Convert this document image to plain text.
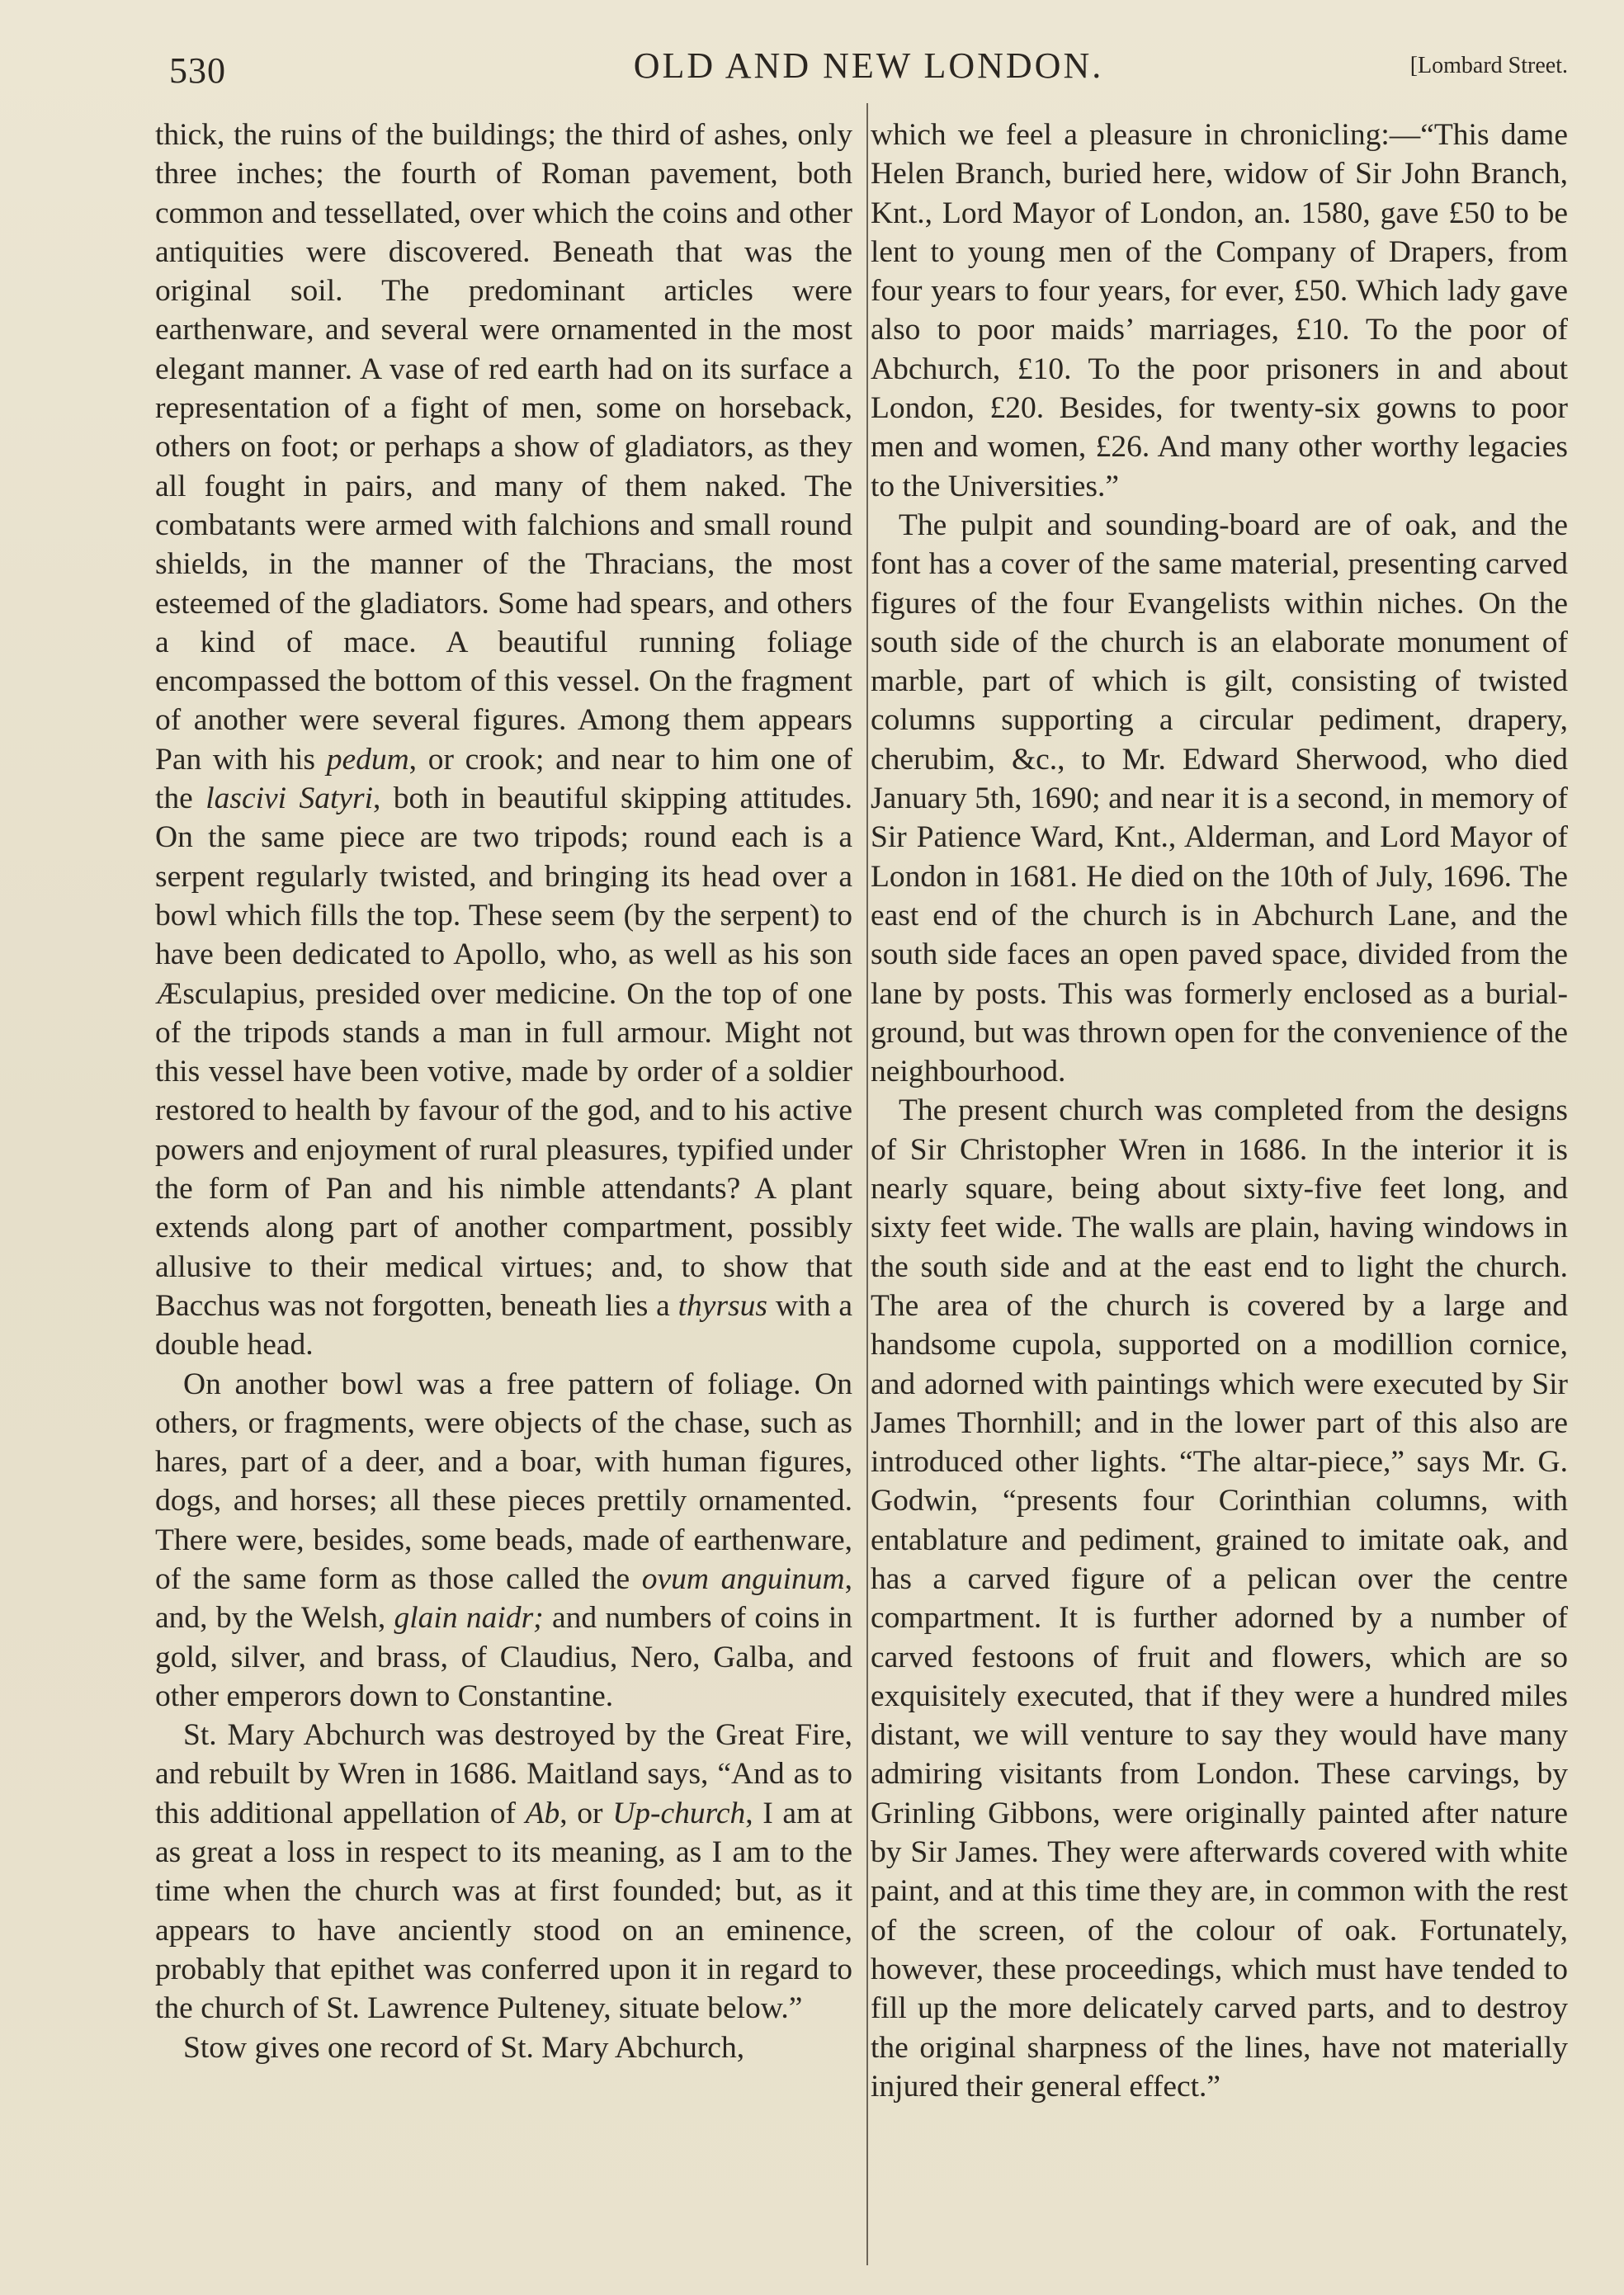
530	OLD AND NEW LONDON.	[Lombard Street.

thick, the ruins of the buildings; the third of ashes, only three inches; the fourth of Roman pavement, both common and tessellated, over which the coins and other antiquities were discovered. Beneath that was the original soil. The predominant articles were earthenware, and several were ornamented in the most elegant manner. A vase of red earth had on its surface a representation of a fight of men, some on horseback, others on foot; or perhaps a show of gladiators, as they all fought in pairs, and many of them naked. The combatants were armed with falchions and small round shields, in the manner of the Thracians, the most esteemed of the gladiators. Some had spears, and others a kind of mace. A beautiful running foliage encompassed the bottom of this vessel. On the fragment of another were several figures. Among them appears Pan with his pedum, or crook; and near to him one of the lascivi Satyri, both in beautiful skipping attitudes. On the same piece are two tripods; round each is a serpent regularly twisted, and bringing its head over a bowl which fills the top. These seem (by the serpent) to have been dedicated to Apollo, who, as well as his son Æsculapius, presided over medicine. On the top of one of the tripods stands a man in full armour. Might not this vessel have been votive, made by order of a soldier restored to health by favour of the god, and to his active powers and enjoyment of rural pleasures, typified under the form of Pan and his nimble attendants? A plant extends along part of another compartment, possibly allusive to their medical virtues; and, to show that Bacchus was not forgotten, beneath lies a thyrsus with a double head.

On another bowl was a free pattern of foliage. On others, or fragments, were objects of the chase, such as hares, part of a deer, and a boar, with human figures, dogs, and horses; all these pieces prettily ornamented. There were, besides, some beads, made of earthenware, of the same form as those called the ovum anguinum, and, by the Welsh, glain naidr; and numbers of coins in gold, silver, and brass, of Claudius, Nero, Galba, and other emperors down to Constantine.

St. Mary Abchurch was destroyed by the Great Fire, and rebuilt by Wren in 1686. Maitland says, “And as to this additional appellation of Ab, or Up-church, I am at as great a loss in respect to its meaning, as I am to the time when the church was at first founded; but, as it appears to have anciently stood on an eminence, probably that epithet was conferred upon it in regard to the church of St. Lawrence Pulteney, situate below.”

Stow gives one record of St. Mary Abchurch,

which we feel a pleasure in chronicling:—“This dame Helen Branch, buried here, widow of Sir John Branch, Knt., Lord Mayor of London, an. 1580, gave £50 to be lent to young men of the Company of Drapers, from four years to four years, for ever, £50. Which lady gave also to poor maids’ marriages, £10. To the poor of Abchurch, £10. To the poor prisoners in and about London, £20. Besides, for twenty-six gowns to poor men and women, £26. And many other worthy legacies to the Universities.”

The pulpit and sounding-board are of oak, and the font has a cover of the same material, presenting carved figures of the four Evangelists within niches. On the south side of the church is an elaborate monument of marble, part of which is gilt, consisting of twisted columns supporting a circular pediment, drapery, cherubim, &c., to Mr. Edward Sherwood, who died January 5th, 1690; and near it is a second, in memory of Sir Patience Ward, Knt., Alderman, and Lord Mayor of London in 1681. He died on the 10th of July, 1696. The east end of the church is in Abchurch Lane, and the south side faces an open paved space, divided from the lane by posts. This was formerly enclosed as a burial-ground, but was thrown open for the convenience of the neighbourhood.

The present church was completed from the designs of Sir Christopher Wren in 1686. In the interior it is nearly square, being about sixty-five feet long, and sixty feet wide. The walls are plain, having windows in the south side and at the east end to light the church. The area of the church is covered by a large and handsome cupola, supported on a modillion cornice, and adorned with paintings which were executed by Sir James Thornhill; and in the lower part of this also are introduced other lights. “The altar-piece,” says Mr. G. Godwin, “presents four Corinthian columns, with entablature and pediment, grained to imitate oak, and has a carved figure of a pelican over the centre compartment. It is further adorned by a number of carved festoons of fruit and flowers, which are so exquisitely executed, that if they were a hundred miles distant, we will venture to say they would have many admiring visitants from London. These carvings, by Grinling Gibbons, were originally painted after nature by Sir James. They were afterwards covered with white paint, and at this time they are, in common with the rest of the screen, of the colour of oak. Fortunately, however, these proceedings, which must have tended to fill up the more delicately carved parts, and to destroy the original sharpness of the lines, have not materially injured their general effect.”
